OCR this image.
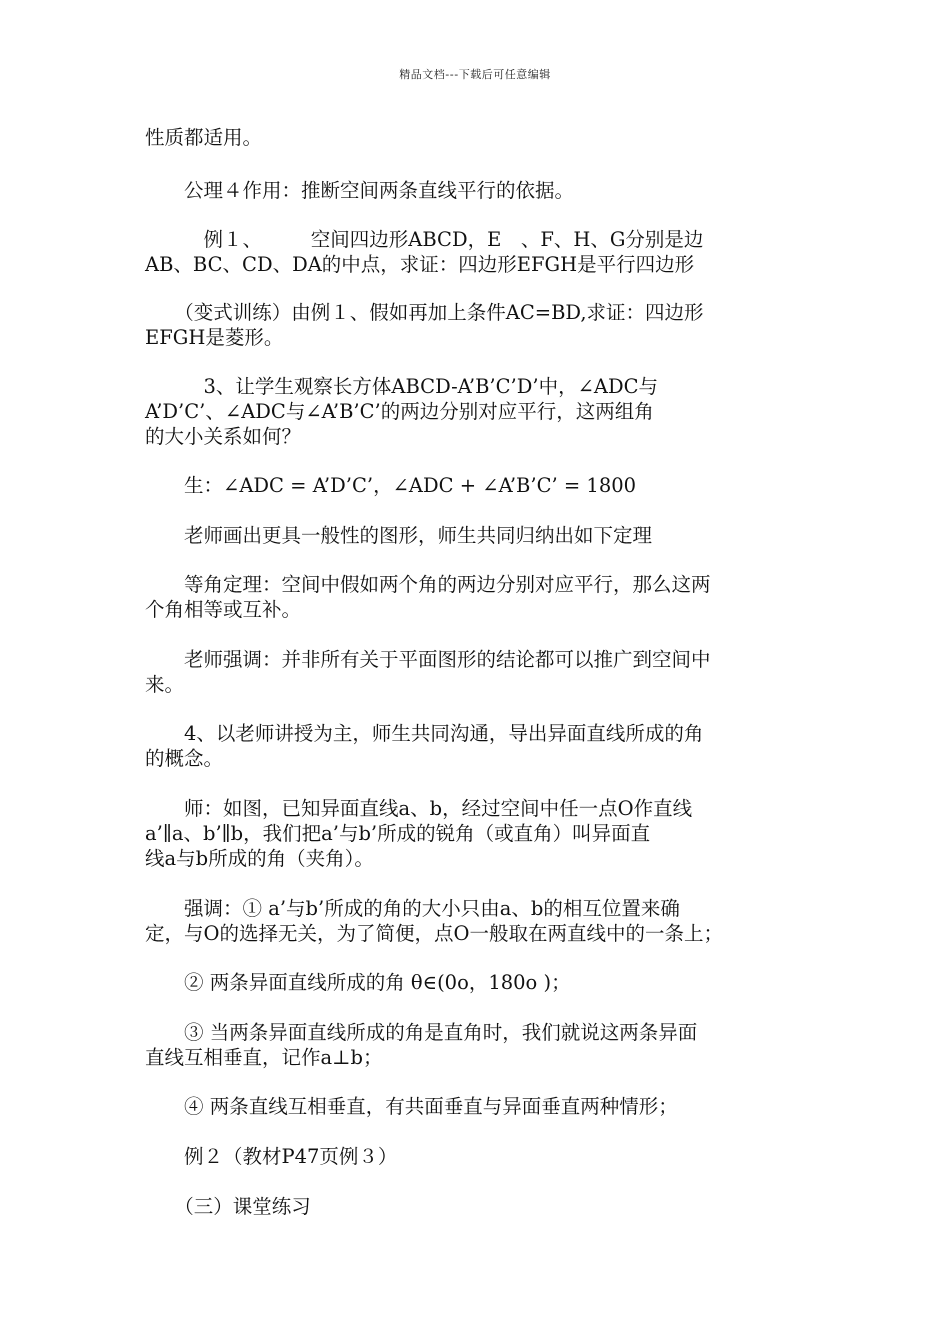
精品文档---下载后可任意编辑
性质都适用。
　　公理４作用：推断空间两条直线平行的依据。
　　　例１、　　　空间四边形ABCD，E　、F、H、G分别是边
AB、BC、CD、DA的中点，求证：四边形EFGH是平行四边形
　　（变式训练）由例１、假如再加上条件AC=BD,求证：四边形
EFGH是菱形。
　　　3、让学生观察长方体ABCD-A’B’C’D’中，∠ADC与
A’D’C’、∠ADC与∠A’B’C’的两边分别对应平行，这两组角
的大小关系如何？
　　生：∠ADC = A’D’C’，∠ADC + ∠A’B’C’ = 1800
　　老师画出更具一般性的图形，师生共同归纳出如下定理
　　等角定理：空间中假如两个角的两边分别对应平行，那么这两
个角相等或互补。
　　老师强调：并非所有关于平面图形的结论都可以推广到空间中
来。
　　4、以老师讲授为主，师生共同沟通，导出异面直线所成的角
的概念。
　　师：如图，已知异面直线a、b，经过空间中任一点O作直线
a’∥a、b’∥b，我们把a’与b’所成的锐角（或直角）叫异面直
线a与b所成的角（夹角）。
　　强调：① a’与b’所成的角的大小只由a、b的相互位置来确
定，与O的选择无关，为了简便，点O一般取在两直线中的一条上；
　　② 两条异面直线所成的角 θ∈(0o，180o )；
　　③ 当两条异面直线所成的角是直角时，我们就说这两条异面
直线互相垂直，记作a⊥b；
　　④ 两条直线互相垂直，有共面垂直与异面垂直两种情形；
　　例２（教材P47页例３）
　　（三）课堂练习
